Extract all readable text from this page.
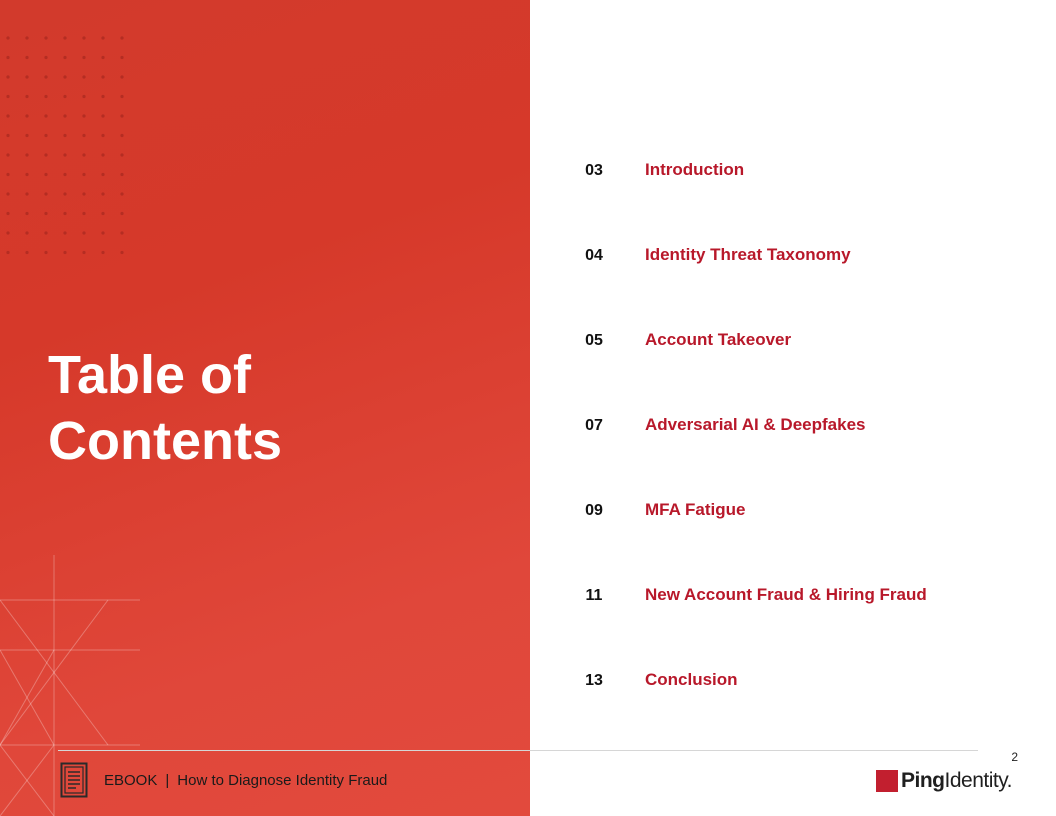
Table of
Contents
03	Introduction
04	Identity Threat Taxonomy
05	Account Takeover
07	Adversarial AI & Deepfakes
09	MFA Fatigue
11	New Account Fraud & Hiring Fraud
13	Conclusion
EBOOK | How to Diagnose Identity Fraud
2
PingIdentity.
